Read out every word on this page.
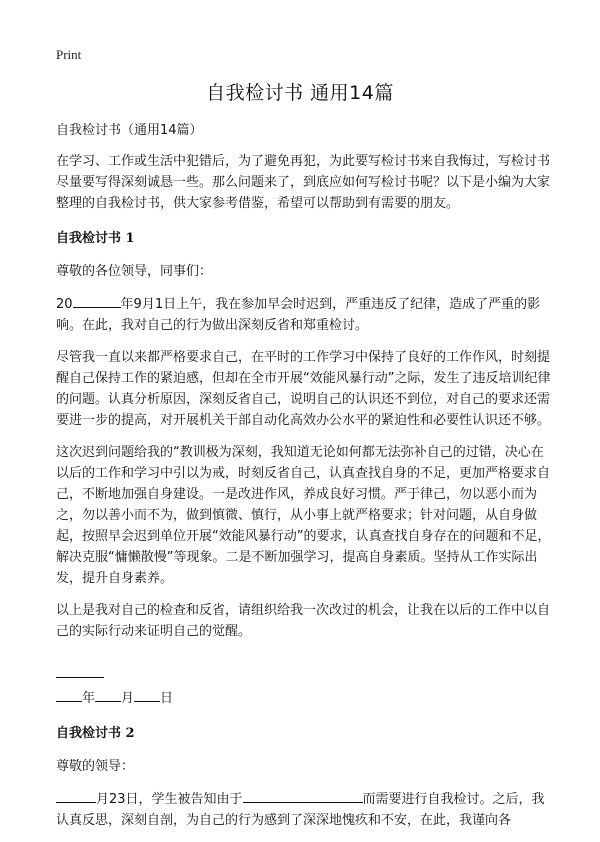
Print
自我检讨书 通用14篇

自我检讨书（通用14篇）

在学习、工作或生活中犯错后，为了避免再犯，为此要写检讨书来自我悔过，写检讨书尽量要写得深刻诚恳一些。那么问题来了，到底应如何写检讨书呢？以下是小编为大家整理的自我检讨书，供大家参考借鉴，希望可以帮助到有需要的朋友。

自我检讨书 1

尊敬的各位领导，同事们：

20	年9月1日上午，我在参加早会时迟到，严重违反了纪律，造成了严重的影响。在此，我对自己的行为做出深刻反省和郑重检讨。

尽管我一直以来都严格要求自己，在平时的工作学习中保持了良好的工作作风，时刻提醒自己保持工作的紧迫感，但却在全市开展“效能风暴行动”之际，发生了违反培训纪律的问题。认真分析原因，深刻反省自己，说明自己的认识还不到位，对自己的要求还需要进一步的提高，对开展机关干部自动化高效办公水平的紧迫性和必要性认识还不够。

这次迟到问题给我的“教训极为深刻，我知道无论如何都无法弥补自己的过错，决心在以后的工作和学习中引以为戒，时刻反省自己，认真查找自身的不足，更加严格要求自己，不断地加强自身建设。一是改进作风，养成良好习惯。严于律己，勿以恶小而为之，勿以善小而不为，做到慎微、慎行，从小事上就严格要求；针对问题，从自身做起，按照早会迟到单位开展“效能风暴行动”的要求，认真查找自身存在的问题和不足，解决克服“慵懒散慢”等现象。二是不断加强学习，提高自身素质。坚持从工作实际出发，提升自身素养。

以上是我对自己的检查和反省，请组织给我一次改过的机会，让我在以后的工作中以自己的实际行动来证明自己的觉醒。

年 月 日

自我检讨书 2

尊敬的领导：

月23日，学生被告知由于	而需要进行自我检讨。之后，我认真反思，深刻自剖，为自己的行为感到了深深地愧疚和不安，在此，我谨向各
